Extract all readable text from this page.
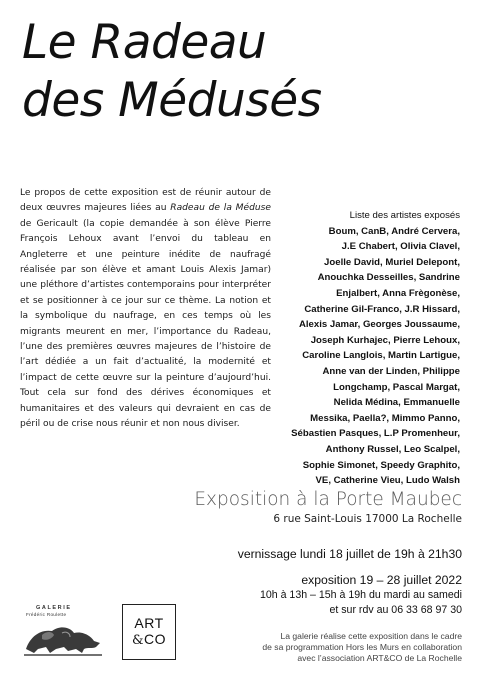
Le Radeau
des Médusés
Le propos de cette exposition est de réunir autour de deux œuvres majeures liées au Radeau de la Méduse de Gericault (la copie demandée à son élève Pierre François Lehoux avant l’envoi du tableau en Angleterre et une peinture inédite de naufragé réalisée par son élève et amant Louis Alexis Jamar) une pléthore d’artistes contemporains pour interpréter et se positionner à ce jour sur ce thème. La notion et la symbolique du naufrage, en ces temps où les migrants meurent en mer, l’importance du Radeau, l’une des premières œuvres majeures de l’histoire de l’art dédiée a un fait d’actualité, la modernité et l’impact de cette œuvre sur la peinture d’aujourd’hui. Tout cela sur fond des dérives économiques et humanitaires et des valeurs qui devraient en cas de péril ou de crise nous réunir et non nous diviser.
Liste des artistes exposés
Boum, CanB, André Cervera,
J.E Chabert, Olivia Clavel,
Joelle David, Muriel Delepont,
Anouchka Desseilles, Sandrine
Enjalbert, Anna Frègonèse,
Catherine Gil-Franco, J.R Hissard,
Alexis Jamar, Georges Joussaume,
Joseph Kurhajec, Pierre Lehoux,
Caroline Langlois, Martin Lartigue,
Anne van der Linden, Philippe
Longchamp, Pascal Margat,
Nelida Médina, Emmanuelle
Messika, Paella?, Mimmo Panno,
Sébastien Pasques, L.P Promenheur,
Anthony Russel, Leo Scalpel,
Sophie Simonet, Speedy Graphito,
VE, Catherine Vieu, Ludo Walsh
Exposition à la Porte Maubec
6 rue Saint-Louis 17000 La Rochelle
vernissage lundi 18 juillet de 19h à 21h30
exposition 19 – 28 juillet 2022
10h à 13h – 15h à 19h du mardi au samedi
et sur rdv au 06 33 68 97 30
La galerie réalise cette exposition dans le cadre
de sa programmation Hors les Murs en collaboration
avec l’association ART&CO de La Rochelle
GALERIE
Frédéric Roulette
ART
&CO
